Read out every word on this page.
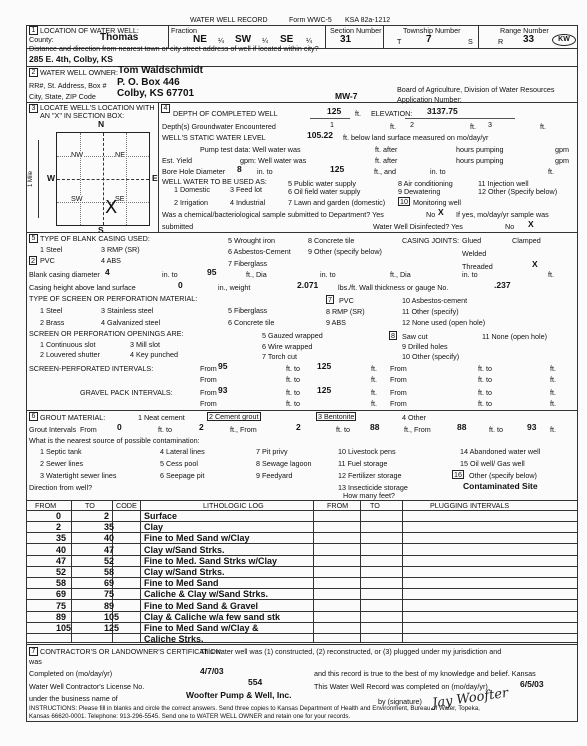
WATER WELL RECORD	Form WWC-5 KSA 82a-1212
1 LOCATION OF WATER WELL:
County:	Thomas
Fraction
NE ¼ SW ¼ SE ¼
Section Number
31
Township Number
T 7	S
Range Number
R 33	KW
Distance and direction from nearest town or city street address of well if located within city?
285 E. 4th, Colby, KS
2 WATER WELL OWNER: Tom Waldschmidt
RR#, St. Address, Box # P. O. Box 446
City, State, ZIP Code Colby, KS 67701	MW-7
Board of Agriculture, Division of Water Resources
Application Number:
3 LOCATE WELL'S LOCATION WITH AN "X" IN SECTION BOX:
N
NW	NE
SW	SE
X
W	E
S
1 Mile
4
DEPTH OF COMPLETED WELL	125 ft. ELEVATION: 3137.75
Depth(s) Groundwater Encountered	1	ft. 2	ft. 3	ft.
WELL'S STATIC WATER LEVEL	105.22 ft. below land surface measured on mo/day/yr
Pump test data: Well water was	ft. after	hours pumping	gpm
Est. Yield	gpm: Well water was	ft. after	hours pumping	gpm
Bore Hole Diameter 8 in. to	125	ft., and	in. to	ft.
WELL WATER TO BE USED AS:
1 Domestic	3 Feed lot
5 Public water supply	8 Air conditioning	11 Injection well
6 Oil field water supply	9 Dewatering	12 Other (Specify below)
2 Irrigation	4 Industrial	7 Lawn and garden (domestic) 10 Monitoring well
Was a chemical/bacteriological sample submitted to Department? Yes	No X If yes, mo/day/yr sample was
submitted	Water Well Disinfected? Yes	No X
5 TYPE OF BLANK CASING USED:
1 Steel	3 RMP (SR)
5 Wrought iron	8 Concrete tile
2 PVC	4 ABS
6 Asbestos-Cement 9 Other (specify below)
7 Fiberglass
CASING JOINTS: Glued	Clamped
Welded
Threaded	X
Blank casing diameter 4	in. to	95	ft., Dia	in. to	ft., Dia	in. to	ft.
Casing height above land surface	0	in., weight	2.071	lbs./ft. Wall thickness or gauge No.	.237
TYPE OF SCREEN OR PERFORATION MATERIAL:
1 Steel	3 Stainless steel	5 Fiberglass
7 PVC	10 Asbestos-cement
2 Brass	4 Galvanized steel	6 Concrete tile
8 RMP (SR)
9 ABS
11 Other (specify)
12 None used (open hole)
SCREEN OR PERFORATION OPENINGS ARE:
1 Continuous slot	3 Mill slot
5 Gauzed wrapped	8 Saw cut	11 None (open hole)
2 Louvered shutter	4 Key punched
6 Wire wrapped	9 Drilled holes
7 Torch cut	10 Other (specify)
SCREEN-PERFORATED INTERVALS:	From 95	ft. to 125	ft. From	ft. to	ft.
From	ft. to	ft. From	ft. to	ft.
GRAVEL PACK INTERVALS:	From 93	ft. to 125	ft. From	ft. to	ft.
From	ft. to	ft. From	ft. to	ft.
6 GROUT MATERIAL:	1 Neat cement	2 Cement grout	3 Bentonite	4 Other
Grout Intervals From 0	ft. to	2	ft., From	2	ft. to 88	ft., From	88	ft. to	93 ft.
What is the nearest source of possible contamination:
1 Septic tank	4 Lateral lines	7 Pit privy	10 Livestock pens	14 Abandoned water well
2 Sewer lines	5 Cess pool	8 Sewage lagoon	11 Fuel storage	15 Oil well/ Gas well
3 Watertight sewer lines	6 Seepage pit	9 Feedyard	12 Fertilizer storage	16 Other (specify below)
13 Insecticide storage	Contaminated Site
Direction from well?
How many feet?
FROM	TO	CODE	LITHOLOGIC LOG	FROM	TO	PLUGGING INTERVALS
0	2	Surface
2	35	Clay
35	40	Fine to Med Sand w/Clay
40	47	Clay w/Sand Strks.
47	52	Fine to Med. Sand Strks w/Clay
52	58	Clay w/Sand Strks.
58	69	Fine to Med Sand
69	75	Caliche & Clay w/Sand Strks.
75	89	Fine to Med Sand & Gravel
89	105	Clay & Caliche w/a few sand stk
105	125	Fine to Med Sand w/Clay &
Caliche Strks.
7 CONTRACTOR'S OR LANDOWNER'S CERTIFICATION:
This water well was (1) constructed, (2) reconstructed, or (3) plugged under my jurisdiction and
was
Completed on (mo/day/yr)	4/7/03	and this record is true to the best of my knowledge and belief. Kansas
Water Well Contractor's License No.	554	This Water Well Record was completed on (mo/day/yr)	6/5/03
under the business name of	Woofter Pump & Well, Inc.
by (signature) Jay Woofter
INSTRUCTIONS: Please fill in blanks and circle the correct answers. Send three copies to Kansas Department of Health and Environment, Bureau of Water, Topeka,
Kansas 66620-0001. Telephone: 913-296-5545. Send one to WATER WELL OWNER and retain one for your records.
